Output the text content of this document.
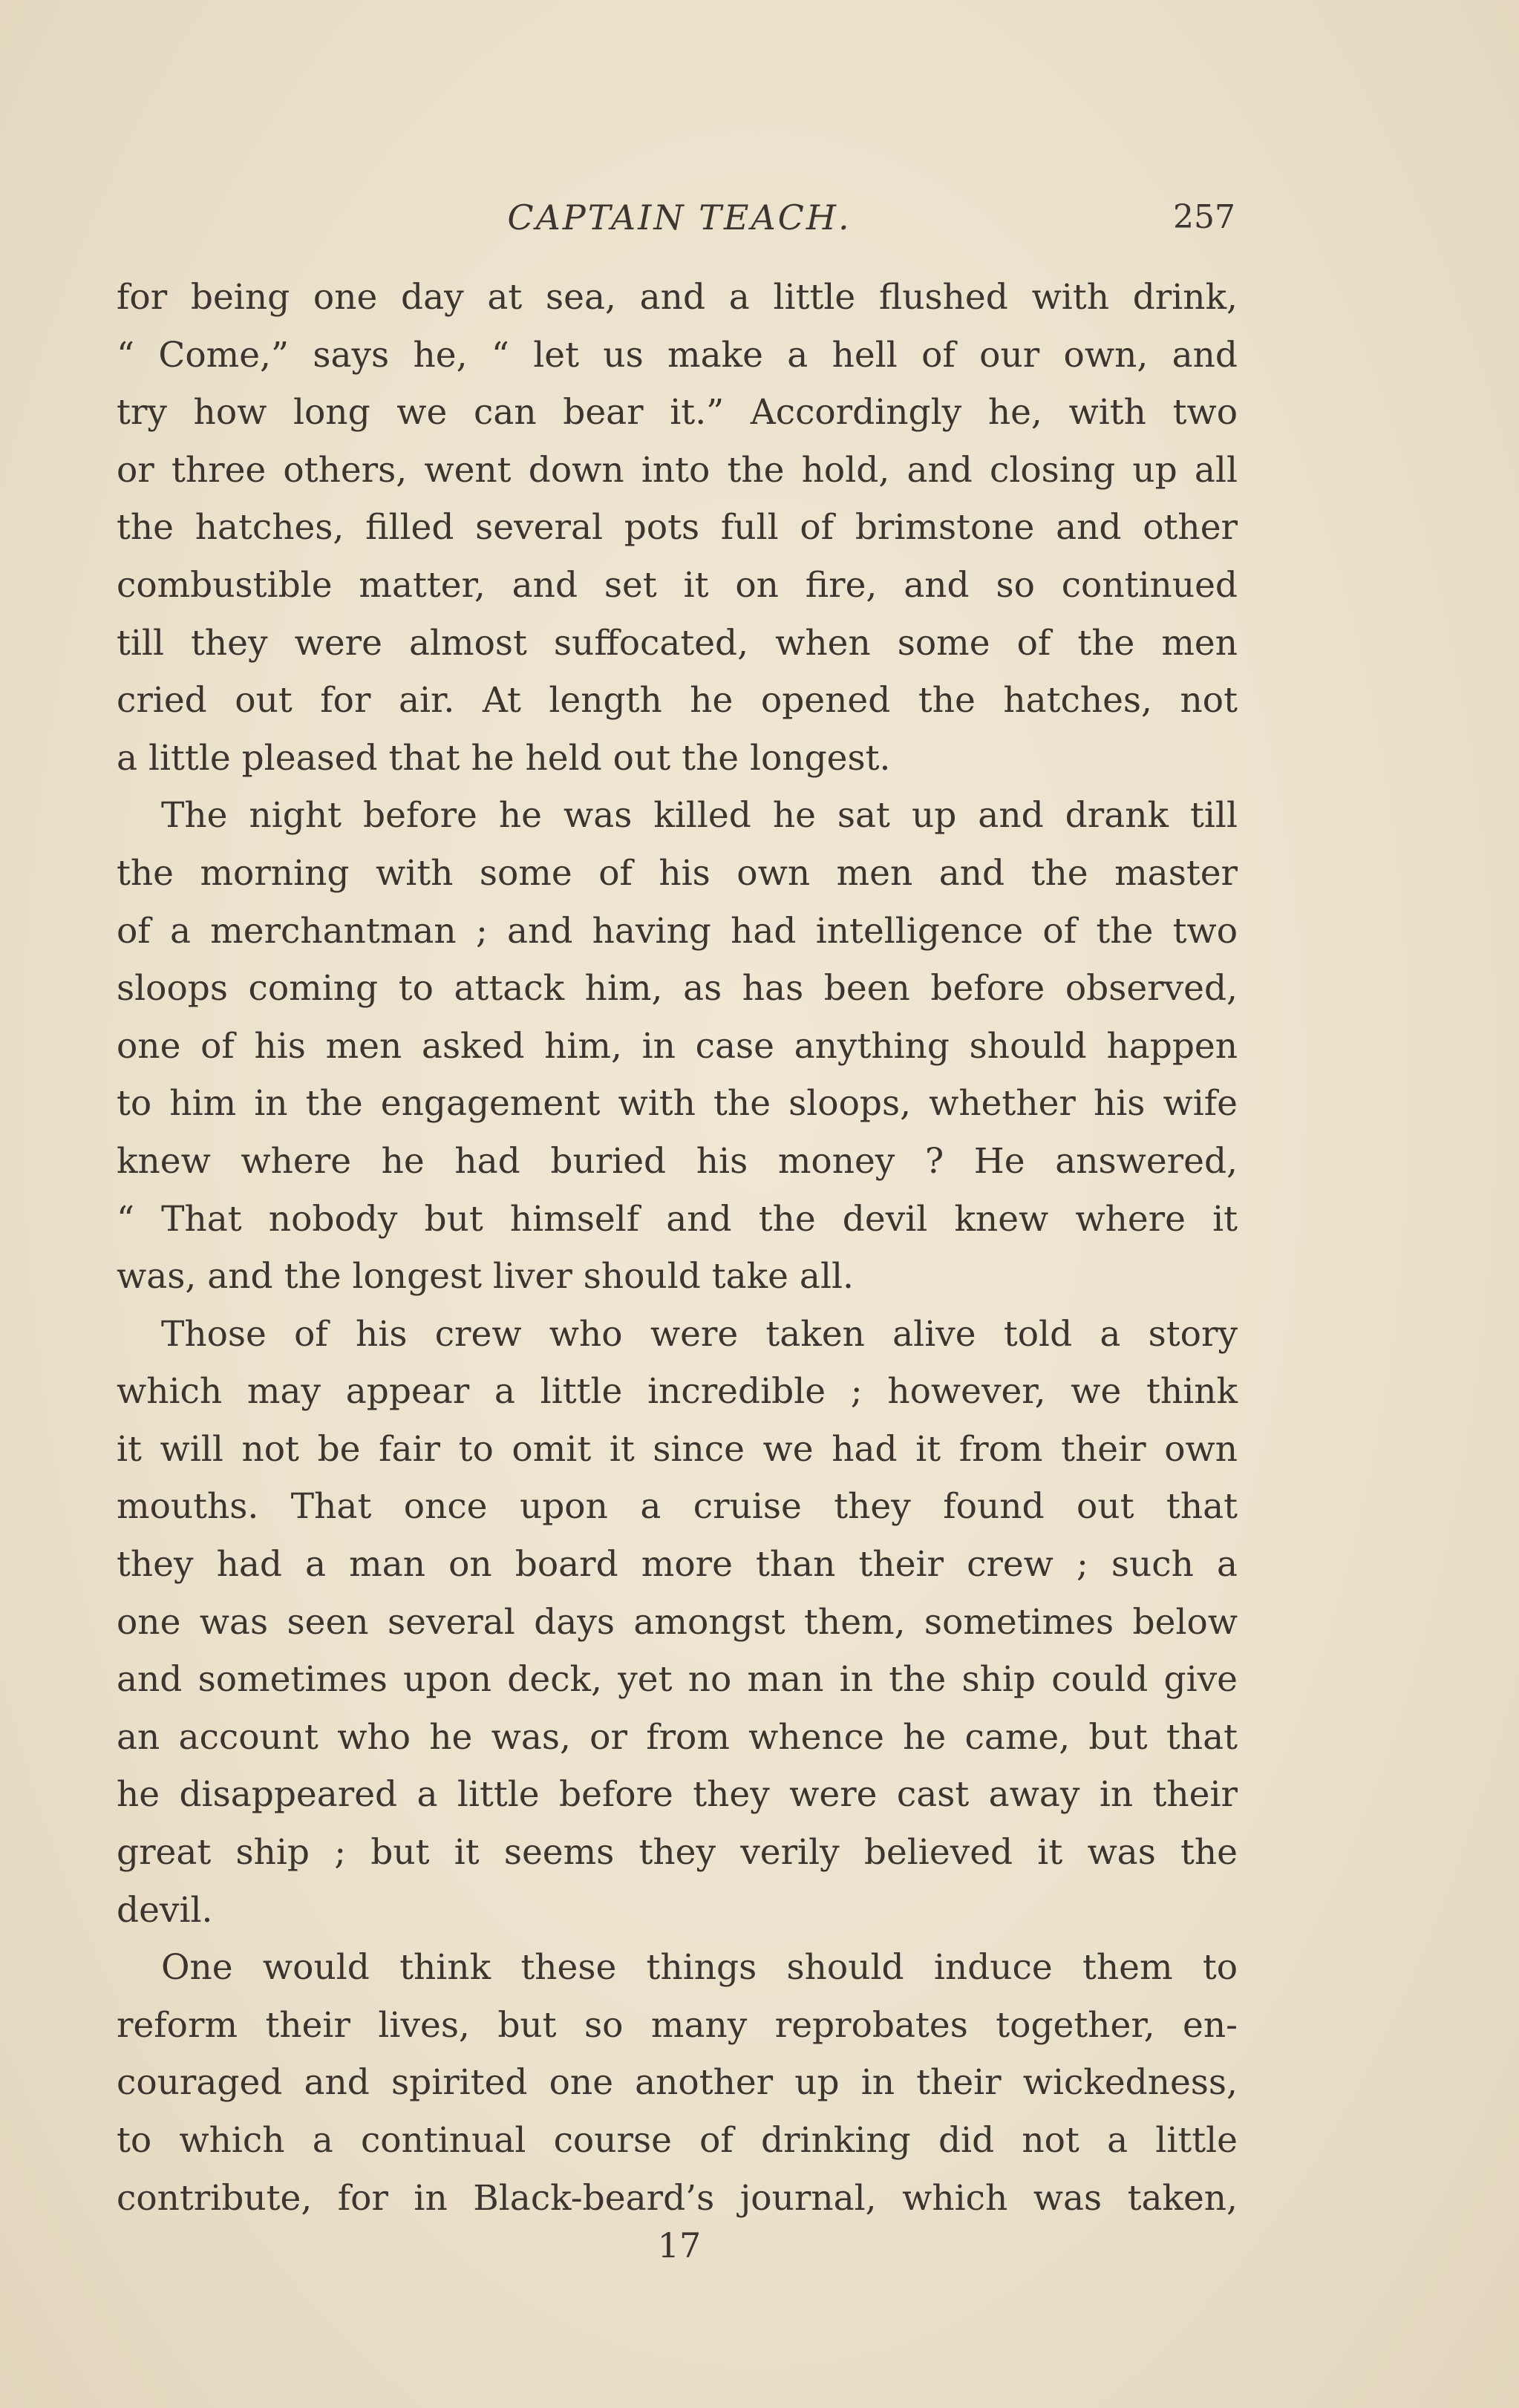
CAPTAIN TEACH.	257

for being one day at sea, and a little flushed with drink,
“ Come,” says he, “ let us make a hell of our own, and
try how long we can bear it.” Accordingly he, with two
or three others, went down into the hold, and closing up all
the hatches, filled several pots full of brimstone and other
combustible matter, and set it on fire, and so continued
till they were almost suffocated, when some of the men
cried out for air. At length he opened the hatches, not
a little pleased that he held out the longest.

The night before he was killed he sat up and drank till
the morning with some of his own men and the master
of a merchantman ; and having had intelligence of the two
sloops coming to attack him, as has been before observed,
one of his men asked him, in case anything should happen
to him in the engagement with the sloops, whether his wife
knew where he had buried his money ? He answered,
“ That nobody but himself and the devil knew where it
was, and the longest liver should take all.

Those of his crew who were taken alive told a story
which may appear a little incredible ; however, we think
it will not be fair to omit it since we had it from their own
mouths. That once upon a cruise they found out that
they had a man on board more than their crew ; such a
one was seen several days amongst them, sometimes below
and sometimes upon deck, yet no man in the ship could give
an account who he was, or from whence he came, but that
he disappeared a little before they were cast away in their
great ship ; but it seems they verily believed it was the
devil.

One would think these things should induce them to
reform their lives, but so many reprobates together, en-
couraged and spirited one another up in their wickedness,
to which a continual course of drinking did not a little
contribute, for in Black-beard’s journal, which was taken,

17
